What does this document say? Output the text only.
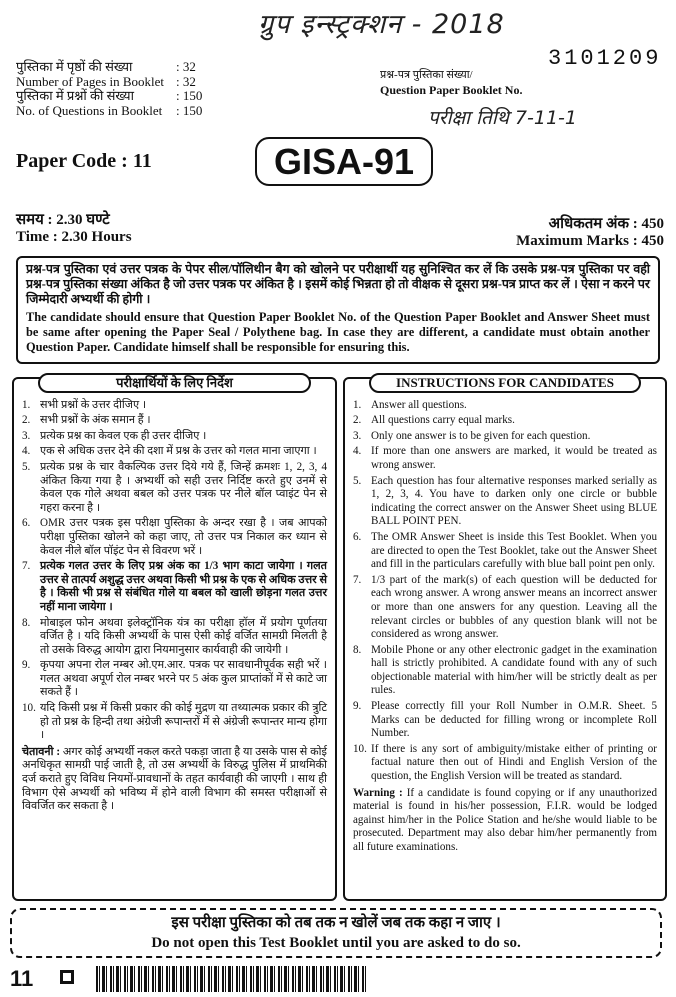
ग्रुप इन्स्ट्रक्शन - 2018
3101209
प्रश्न-पत्र पुस्तिका संख्या/
Question Paper Booklet No.
परीक्षा तिथि 7-11-1
पुस्तिका में पृष्ठों की संख्या	: 32
Number of Pages in Booklet : 32
पुस्तिका में प्रश्नों की संख्या	: 150
No. of Questions in Booklet	: 150
Paper Code : 11	GISA-91
समय : 2.30 घण्टे
Time : 2.30 Hours
अधिकतम अंक : 450
Maximum Marks : 450

प्रश्न-पत्र पुस्तिका एवं उत्तर पत्रक के पेपर सील/पॉलिथीन बैग को खोलने पर परीक्षार्थी यह सुनिश्चित कर लें कि उसके प्रश्न-पत्र पुस्तिका पर वही प्रश्न-पत्र पुस्तिका संख्या अंकित है जो उत्तर पत्रक पर अंकित है । इसमें कोई भिन्नता हो तो वीक्षक से दूसरा प्रश्न-पत्र प्राप्त कर लें । ऐसा न करने पर जिम्मेदारी अभ्यर्थी की होगी ।

The candidate should ensure that Question Paper Booklet No. of the Question Paper Booklet and Answer Sheet must be same after opening the Paper Seal / Polythene bag. In case they are different, a candidate must obtain another Question Paper. Candidate himself shall be responsible for ensuring this.

परीक्षार्थियों के लिए निर्देश
1. सभी प्रश्नों के उत्तर दीजिए ।
2. सभी प्रश्नों के अंक समान हैं ।
3. प्रत्येक प्रश्न का केवल एक ही उत्तर दीजिए ।
4. एक से अधिक उत्तर देने की दशा में प्रश्न के उत्तर को गलत माना जाएगा ।
5. प्रत्येक प्रश्न के चार वैकल्पिक उत्तर दिये गये हैं, जिन्हें क्रमशः 1, 2, 3, 4 अंकित किया गया है । अभ्यर्थी को सही उत्तर निर्दिष्ट करते हुए उनमें से केवल एक गोले अथवा बबल को उत्तर पत्रक पर नीले बॉल प्वाइंट पेन से गहरा करना है ।
6. OMR उत्तर पत्रक इस परीक्षा पुस्तिका के अन्दर रखा है । जब आपको परीक्षा पुस्तिका खोलने को कहा जाए, तो उत्तर पत्र निकाल कर ध्यान से केवल नीले बॉल पॉइंट पेन से विवरण भरें ।
7. प्रत्येक गलत उत्तर के लिए प्रश्न अंक का 1/3 भाग काटा जायेगा । गलत उत्तर से तात्पर्य अशुद्ध उत्तर अथवा किसी भी प्रश्न के एक से अधिक उत्तर से है । किसी भी प्रश्न से संबंधित गोले या बबल को खाली छोड़ना गलत उत्तर नहीं माना जायेगा ।
8. मोबाइल फोन अथवा इलेक्ट्रॉनिक यंत्र का परीक्षा हॉल में प्रयोग पूर्णतया वर्जित है । यदि किसी अभ्यर्थी के पास ऐसी कोई वर्जित सामग्री मिलती है तो उसके विरुद्ध आयोग द्वारा नियमानुसार कार्यवाही की जायेगी ।
9. कृपया अपना रोल नम्बर ओ.एम.आर. पत्रक पर सावधानीपूर्वक सही भरें । गलत अथवा अपूर्ण रोल नम्बर भरने पर 5 अंक कुल प्राप्तांकों में से काटे जा सकते हैं ।
10. यदि किसी प्रश्न में किसी प्रकार की कोई मुद्रण या तथ्यात्मक प्रकार की त्रुटि हो तो प्रश्न के हिन्दी तथा अंग्रेजी रूपान्तरों में से अंग्रेजी रूपान्तर मान्य होगा ।
चेतावनी : अगर कोई अभ्यर्थी नकल करते पकड़ा जाता है या उसके पास से कोई अनधिकृत सामग्री पाई जाती है, तो उस अभ्यर्थी के विरुद्ध पुलिस में प्राथमिकी दर्ज कराते हुए विविध नियमों-प्रावधानों के तहत कार्यवाही की जाएगी । साथ ही विभाग ऐसे अभ्यर्थी को भविष्य में होने वाली विभाग की समस्त परीक्षाओं से विवर्जित कर सकता है ।
INSTRUCTIONS FOR CANDIDATES
1. Answer all questions.
2. All questions carry equal marks.
3. Only one answer is to be given for each question.
4. If more than one answers are marked, it would be treated as wrong answer.
5. Each question has four alternative responses marked serially as 1, 2, 3, 4. You have to darken only one circle or bubble indicating the correct answer on the Answer Sheet using BLUE BALL POINT PEN.
6. The OMR Answer Sheet is inside this Test Booklet. When you are directed to open the Test Booklet, take out the Answer Sheet and fill in the particulars carefully with blue ball point pen only.
7. 1/3 part of the mark(s) of each question will be deducted for each wrong answer. A wrong answer means an incorrect answer or more than one answers for any question. Leaving all the relevant circles or bubbles of any question blank will not be considered as wrong answer.
8. Mobile Phone or any other electronic gadget in the examination hall is strictly prohibited. A candidate found with any of such objectionable material with him/her will be strictly dealt as per rules.
9. Please correctly fill your Roll Number in O.M.R. Sheet. 5 Marks can be deducted for filling wrong or incomplete Roll Number.
10. If there is any sort of ambiguity/mistake either of printing or factual nature then out of Hindi and English Version of the question, the English Version will be treated as standard.
Warning : If a candidate is found copying or if any unauthorized material is found in his/her possession, F.I.R. would be lodged against him/her in the Police Station and he/she would liable to be prosecuted. Department may also debar him/her permanently from all future examinations.
इस परीक्षा पुस्तिका को तब तक न खोलें जब तक कहा न जाए ।
Do not open this Test Booklet until you are asked to do so.
11
